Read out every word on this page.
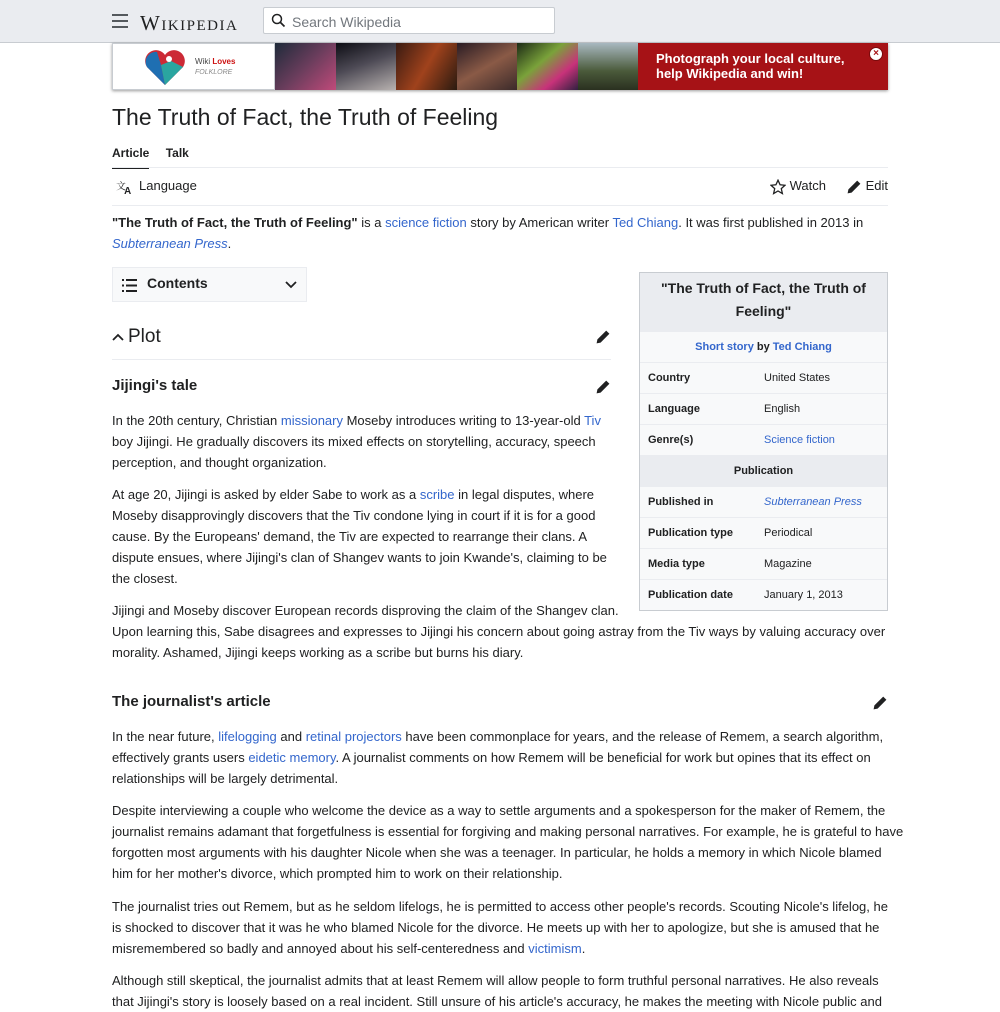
Wikipedia
Search Wikipedia
Wiki Loves
FOLKLORE
Photograph your local culture,
help Wikipedia and win!
×
The Truth of Fact, the Truth of Feeling
Article Talk
文
A Language	Watch	Edit
"The Truth of Fact, the Truth of Feeling" is a science fiction story by American writer Ted Chiang. It was first published in 2013 in
Subterranean Press.
Contents
Plot
Jijingi's tale
In the 20th century, Christian missionary Moseby introduces writing to 13-year-old Tiv
boy Jijingi. He gradually discovers its mixed effects on storytelling, accuracy, speech
perception, and thought organization.
At age 20, Jijingi is asked by elder Sabe to work as a scribe in legal disputes, where
Moseby disapprovingly discovers that the Tiv condone lying in court if it is for a good
cause. By the Europeans' demand, the Tiv are expected to rearrange their clans. A
dispute ensues, where Jijingi's clan of Shangev wants to join Kwande's, claiming to be
the closest.
Jijingi and Moseby discover European records disproving the claim of the Shangev clan.
Upon learning this, Sabe disagrees and expresses to Jijingi his concern about going astray from the Tiv ways by valuing accuracy over
morality. Ashamed, Jijingi keeps working as a scribe but burns his diary.
The journalist's article
In the near future, lifelogging and retinal projectors have been commonplace for years, and the release of Remem, a search algorithm,
effectively grants users eidetic memory. A journalist comments on how Remem will be beneficial for work but opines that its effect on
relationships will be largely detrimental.
Despite interviewing a couple who welcome the device as a way to settle arguments and a spokesperson for the maker of Remem, the
journalist remains adamant that forgetfulness is essential for forgiving and making personal narratives. For example, he is grateful to have
forgotten most arguments with his daughter Nicole when she was a teenager. In particular, he holds a memory in which Nicole blamed
him for her mother's divorce, which prompted him to work on their relationship.
The journalist tries out Remem, but as he seldom lifelogs, he is permitted to access other people's records. Scouting Nicole's lifelog, he
is shocked to discover that it was he who blamed Nicole for the divorce. He meets up with her to apologize, but she is amused that he
misremembered so badly and annoyed about his self-centeredness and victimism.
Although still skeptical, the journalist admits that at least Remem will allow people to form truthful personal narratives. He also reveals
that Jijingi's story is loosely based on a real incident. Still unsure of his article's accuracy, he makes the meeting with Nicole public and
"The Truth of Fact, the Truth of
Feeling"
Short story by Ted Chiang
Country	United States
Language	English
Genre(s)	Science fiction
Publication
Published in	Subterranean Press
Publication type	Periodical
Media type	Magazine
Publication date	January 1, 2013
